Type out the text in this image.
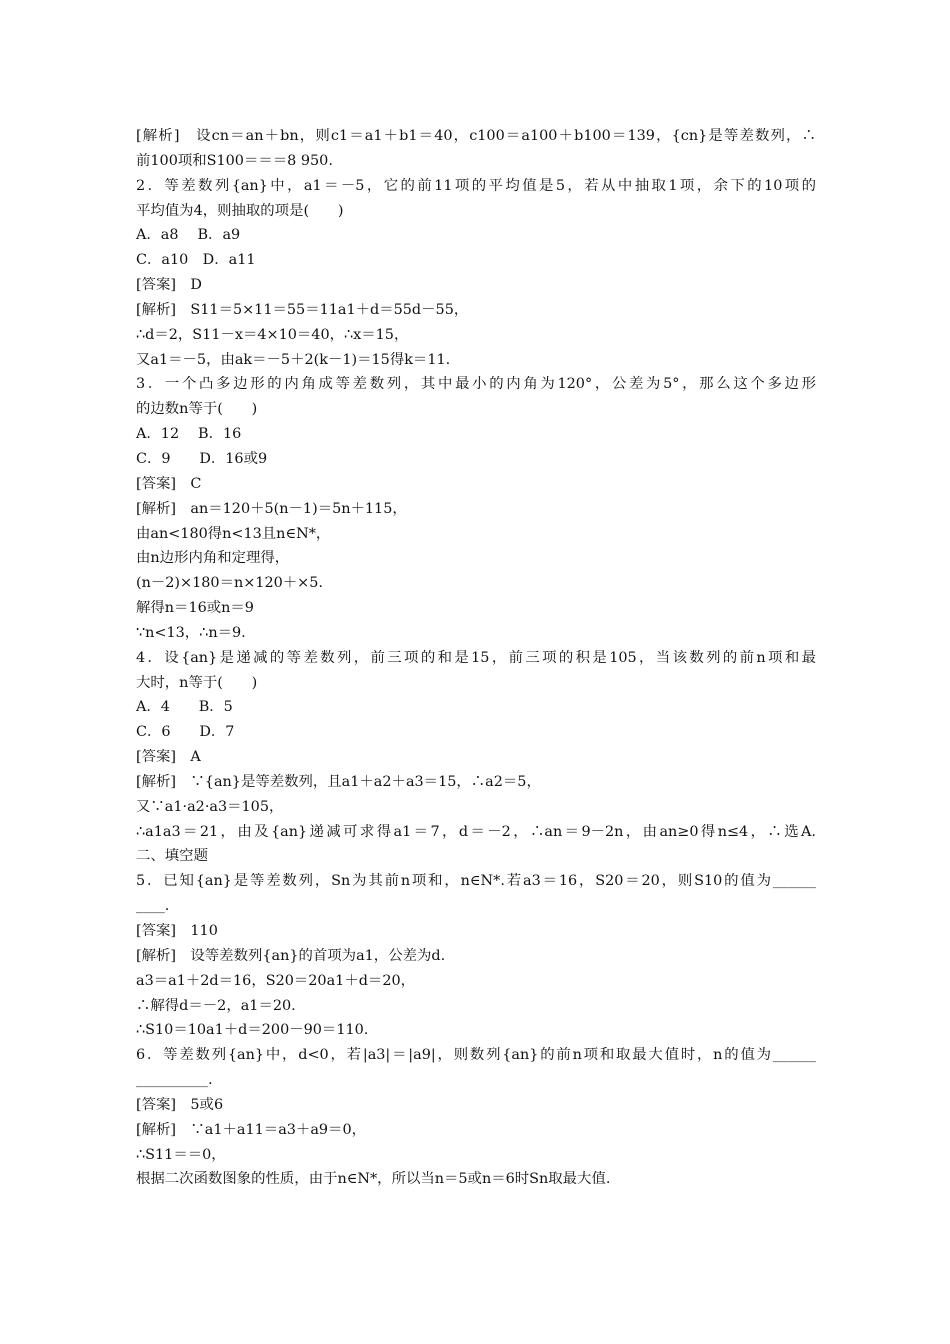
[解析]　设cn＝an＋bn，则c1＝a1＋b1＝40，c100＝a100＋b100＝139，{cn}是等差数列，∴
前100项和S100＝＝＝8 950.
2．等差数列{an}中，a1＝－5，它的前11项的平均值是5，若从中抽取1项，余下的10项的
平均值为4，则抽取的项是(　　)
A．a8　 B．a9
C．a10　D．a11
[答案]　D
[解析]　S11＝5×11＝55＝11a1＋d＝55d－55，
∴d＝2，S11－x＝4×10＝40，∴x＝15，
又a1＝－5，由ak＝－5＋2(k－1)＝15得k＝11.
3．一个凸多边形的内角成等差数列，其中最小的内角为120°，公差为5°，那么这个多边形
的边数n等于(　　)
A．12　 B．16
C．9　　D．16或9
[答案]　C
[解析]　an＝120＋5(n－1)＝5n＋115，
由an<180得n<13且n∈N*，
由n边形内角和定理得，
(n－2)×180＝n×120＋×5.
解得n＝16或n＝9
∵n<13，∴n＝9.
4．设{an}是递减的等差数列，前三项的和是15，前三项的积是105，当该数列的前n项和最
大时，n等于(　　)
A．4　　B．5
C．6　　D．7
[答案]　A
[解析]　∵{an}是等差数列，且a1＋a2＋a3＝15，∴a2＝5，
又∵a1·a2·a3＝105，
∴a1a3＝21，由及{an}递减可求得a1＝7，d＝－2，∴an＝9－2n，由an≥0得n≤4，∴选A.
二、填空题
5．已知{an}是等差数列，Sn为其前n项和，n∈N*.若a3＝16，S20＝20，则S10的值为______
____.
[答案]　110
[解析]　设等差数列{an}的首项为a1，公差为d.
a3＝a1＋2d＝16，S20＝20a1＋d＝20，
∴解得d＝－2，a1＝20.
∴S10＝10a1＋d＝200－90＝110.
6．等差数列{an}中，d<0，若|a3|＝|a9|，则数列{an}的前n项和取最大值时，n的值为______
__________.
[答案]　5或6
[解析]　∵a1＋a11＝a3＋a9＝0，
∴S11＝＝0，
根据二次函数图象的性质，由于n∈N*，所以当n＝5或n＝6时Sn取最大值.
